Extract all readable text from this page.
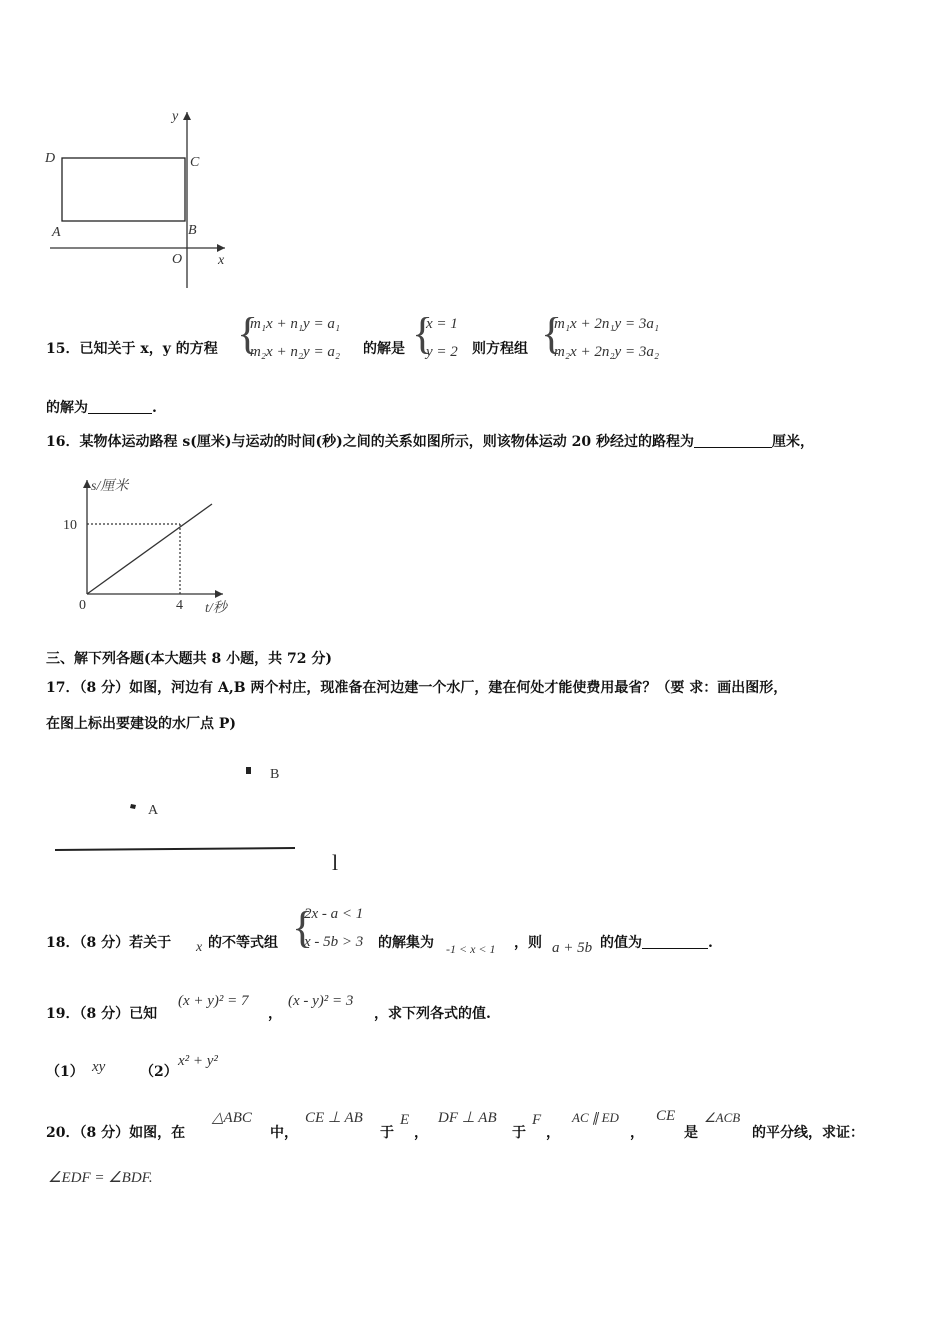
y
x
D	C
A	B
O
15．已知关于 x，y 的方程 {
m₁x + n₁y = a₁
m₂x + n₂y = a₂ 的解是 {
x = 1
y = 2 则方程组 {
m₁x + 2n₁y = 3a₁
m₂x + 2n₂y = 3a₂
的解为	.
16．某物体运动路程 s(厘米)与运动的时间(秒)之间的关系如图所示，则该物体运动 20 秒经过的路程为	厘米，
s/厘米
t/秒
10
4
0
三、解下列各题(本大题共 8 小题，共 72 分)
17．（8 分）如图，河边有 A,B 两个村庄，现准备在河边建一个水厂，建在何处才能使费用最省？（要 求：画出图形，
在图上标出要建设的水厂点 P)
B
A
l
18．（8 分）若关于 x 的不等式组 {
2x - a < 1
x - 5b > 3 的解集为 -1 < x < 1 ，则 a + 5b 的值为	.
19．（8 分）已知
(x + y)² = 7
，
(x - y)² = 3
，求下列各式的值.
（1） xy （2）
x² + y²
20．（8 分）如图，在
△ABC
中，
CE ⊥ AB
于
E
，
DF ⊥ AB
于
F
，
AC ∥ ED
，
CE
是
∠ACB
的平分线，求证：
∠EDF = ∠BDF.
